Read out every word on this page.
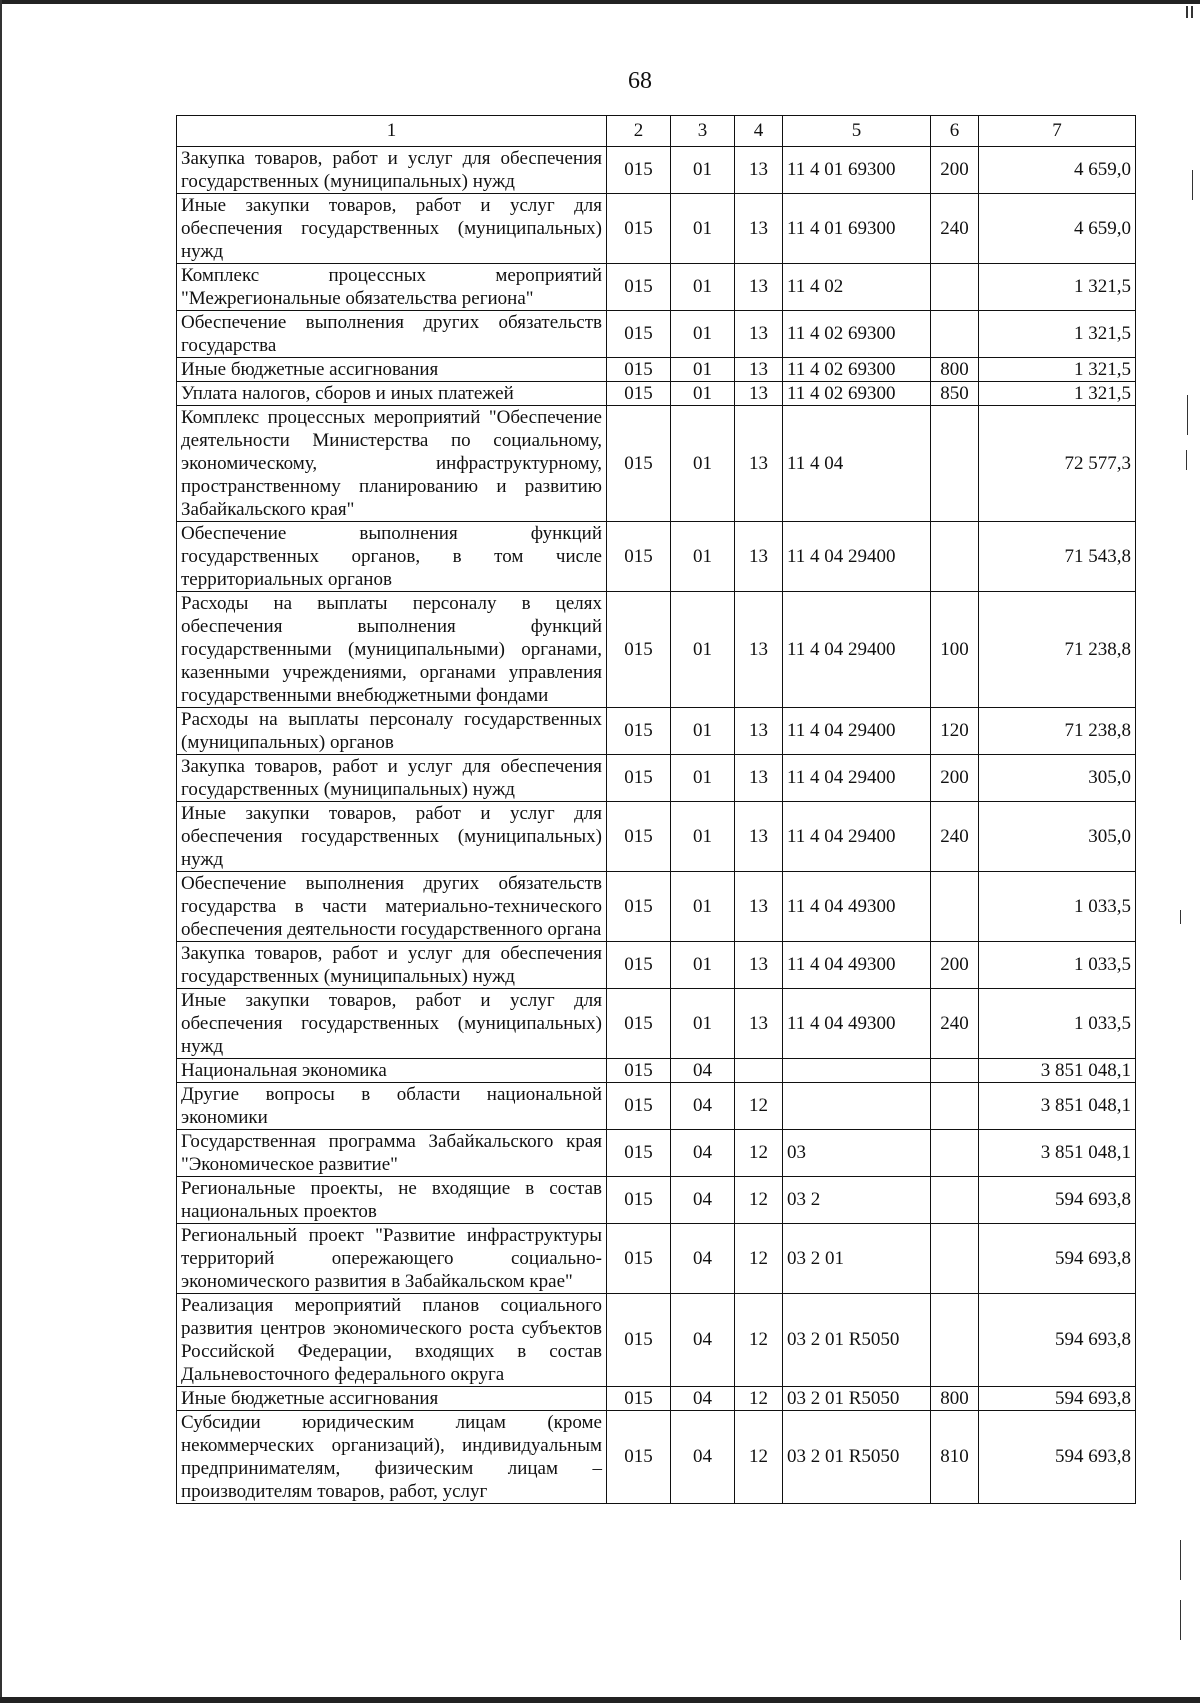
68
1	2	3	4	5	6	7
Закупка товаров, работ и услуг для обеспечения государственных (муниципальных) нужд	015	01	13	11 4 01 69300	200	4 659,0
Иные закупки товаров, работ и услуг для обеспечения государственных (муниципальных) нужд	015	01	13	11 4 01 69300	240	4 659,0
Комплекс процессных мероприятий "Межрегиональные обязательства региона"	015	01	13	11 4 02		1 321,5
Обеспечение выполнения других обязательств государства	015	01	13	11 4 02 69300		1 321,5
Иные бюджетные ассигнования	015	01	13	11 4 02 69300	800	1 321,5
Уплата налогов, сборов и иных платежей	015	01	13	11 4 02 69300	850	1 321,5
Комплекс процессных мероприятий "Обеспечение деятельности Министерства по социальному, экономическому, инфраструктурному, пространственному планированию и развитию Забайкальского края"	015	01	13	11 4 04		72 577,3
Обеспечение выполнения функций государственных органов, в том числе территориальных органов	015	01	13	11 4 04 29400		71 543,8
Расходы на выплаты персоналу в целях обеспечения выполнения функций государственными (муниципальными) органами, казенными учреждениями, органами управления государственными внебюджетными фондами	015	01	13	11 4 04 29400	100	71 238,8
Расходы на выплаты персоналу государственных (муниципальных) органов	015	01	13	11 4 04 29400	120	71 238,8
Закупка товаров, работ и услуг для обеспечения государственных (муниципальных) нужд	015	01	13	11 4 04 29400	200	305,0
Иные закупки товаров, работ и услуг для обеспечения государственных (муниципальных) нужд	015	01	13	11 4 04 29400	240	305,0
Обеспечение выполнения других обязательств государства в части материально-технического обеспечения деятельности государственного органа	015	01	13	11 4 04 49300		1 033,5
Закупка товаров, работ и услуг для обеспечения государственных (муниципальных) нужд	015	01	13	11 4 04 49300	200	1 033,5
Иные закупки товаров, работ и услуг для обеспечения государственных (муниципальных) нужд	015	01	13	11 4 04 49300	240	1 033,5
Национальная экономика	015	04				3 851 048,1
Другие вопросы в области национальной экономики	015	04	12			3 851 048,1
Государственная программа Забайкальского края "Экономическое развитие"	015	04	12	03		3 851 048,1
Региональные проекты, не входящие в состав национальных проектов	015	04	12	03 2		594 693,8
Региональный проект "Развитие инфраструктуры территорий опережающего социально-экономического развития в Забайкальском крае"	015	04	12	03 2 01		594 693,8
Реализация мероприятий планов социального развития центров экономического роста субъектов Российской Федерации, входящих в состав Дальневосточного федерального округа	015	04	12	03 2 01 R5050		594 693,8
Иные бюджетные ассигнования	015	04	12	03 2 01 R5050	800	594 693,8
Субсидии юридическим лицам (кроме некоммерческих организаций), индивидуальным предпринимателям, физическим лицам – производителям товаров, работ, услуг	015	04	12	03 2 01 R5050	810	594 693,8
